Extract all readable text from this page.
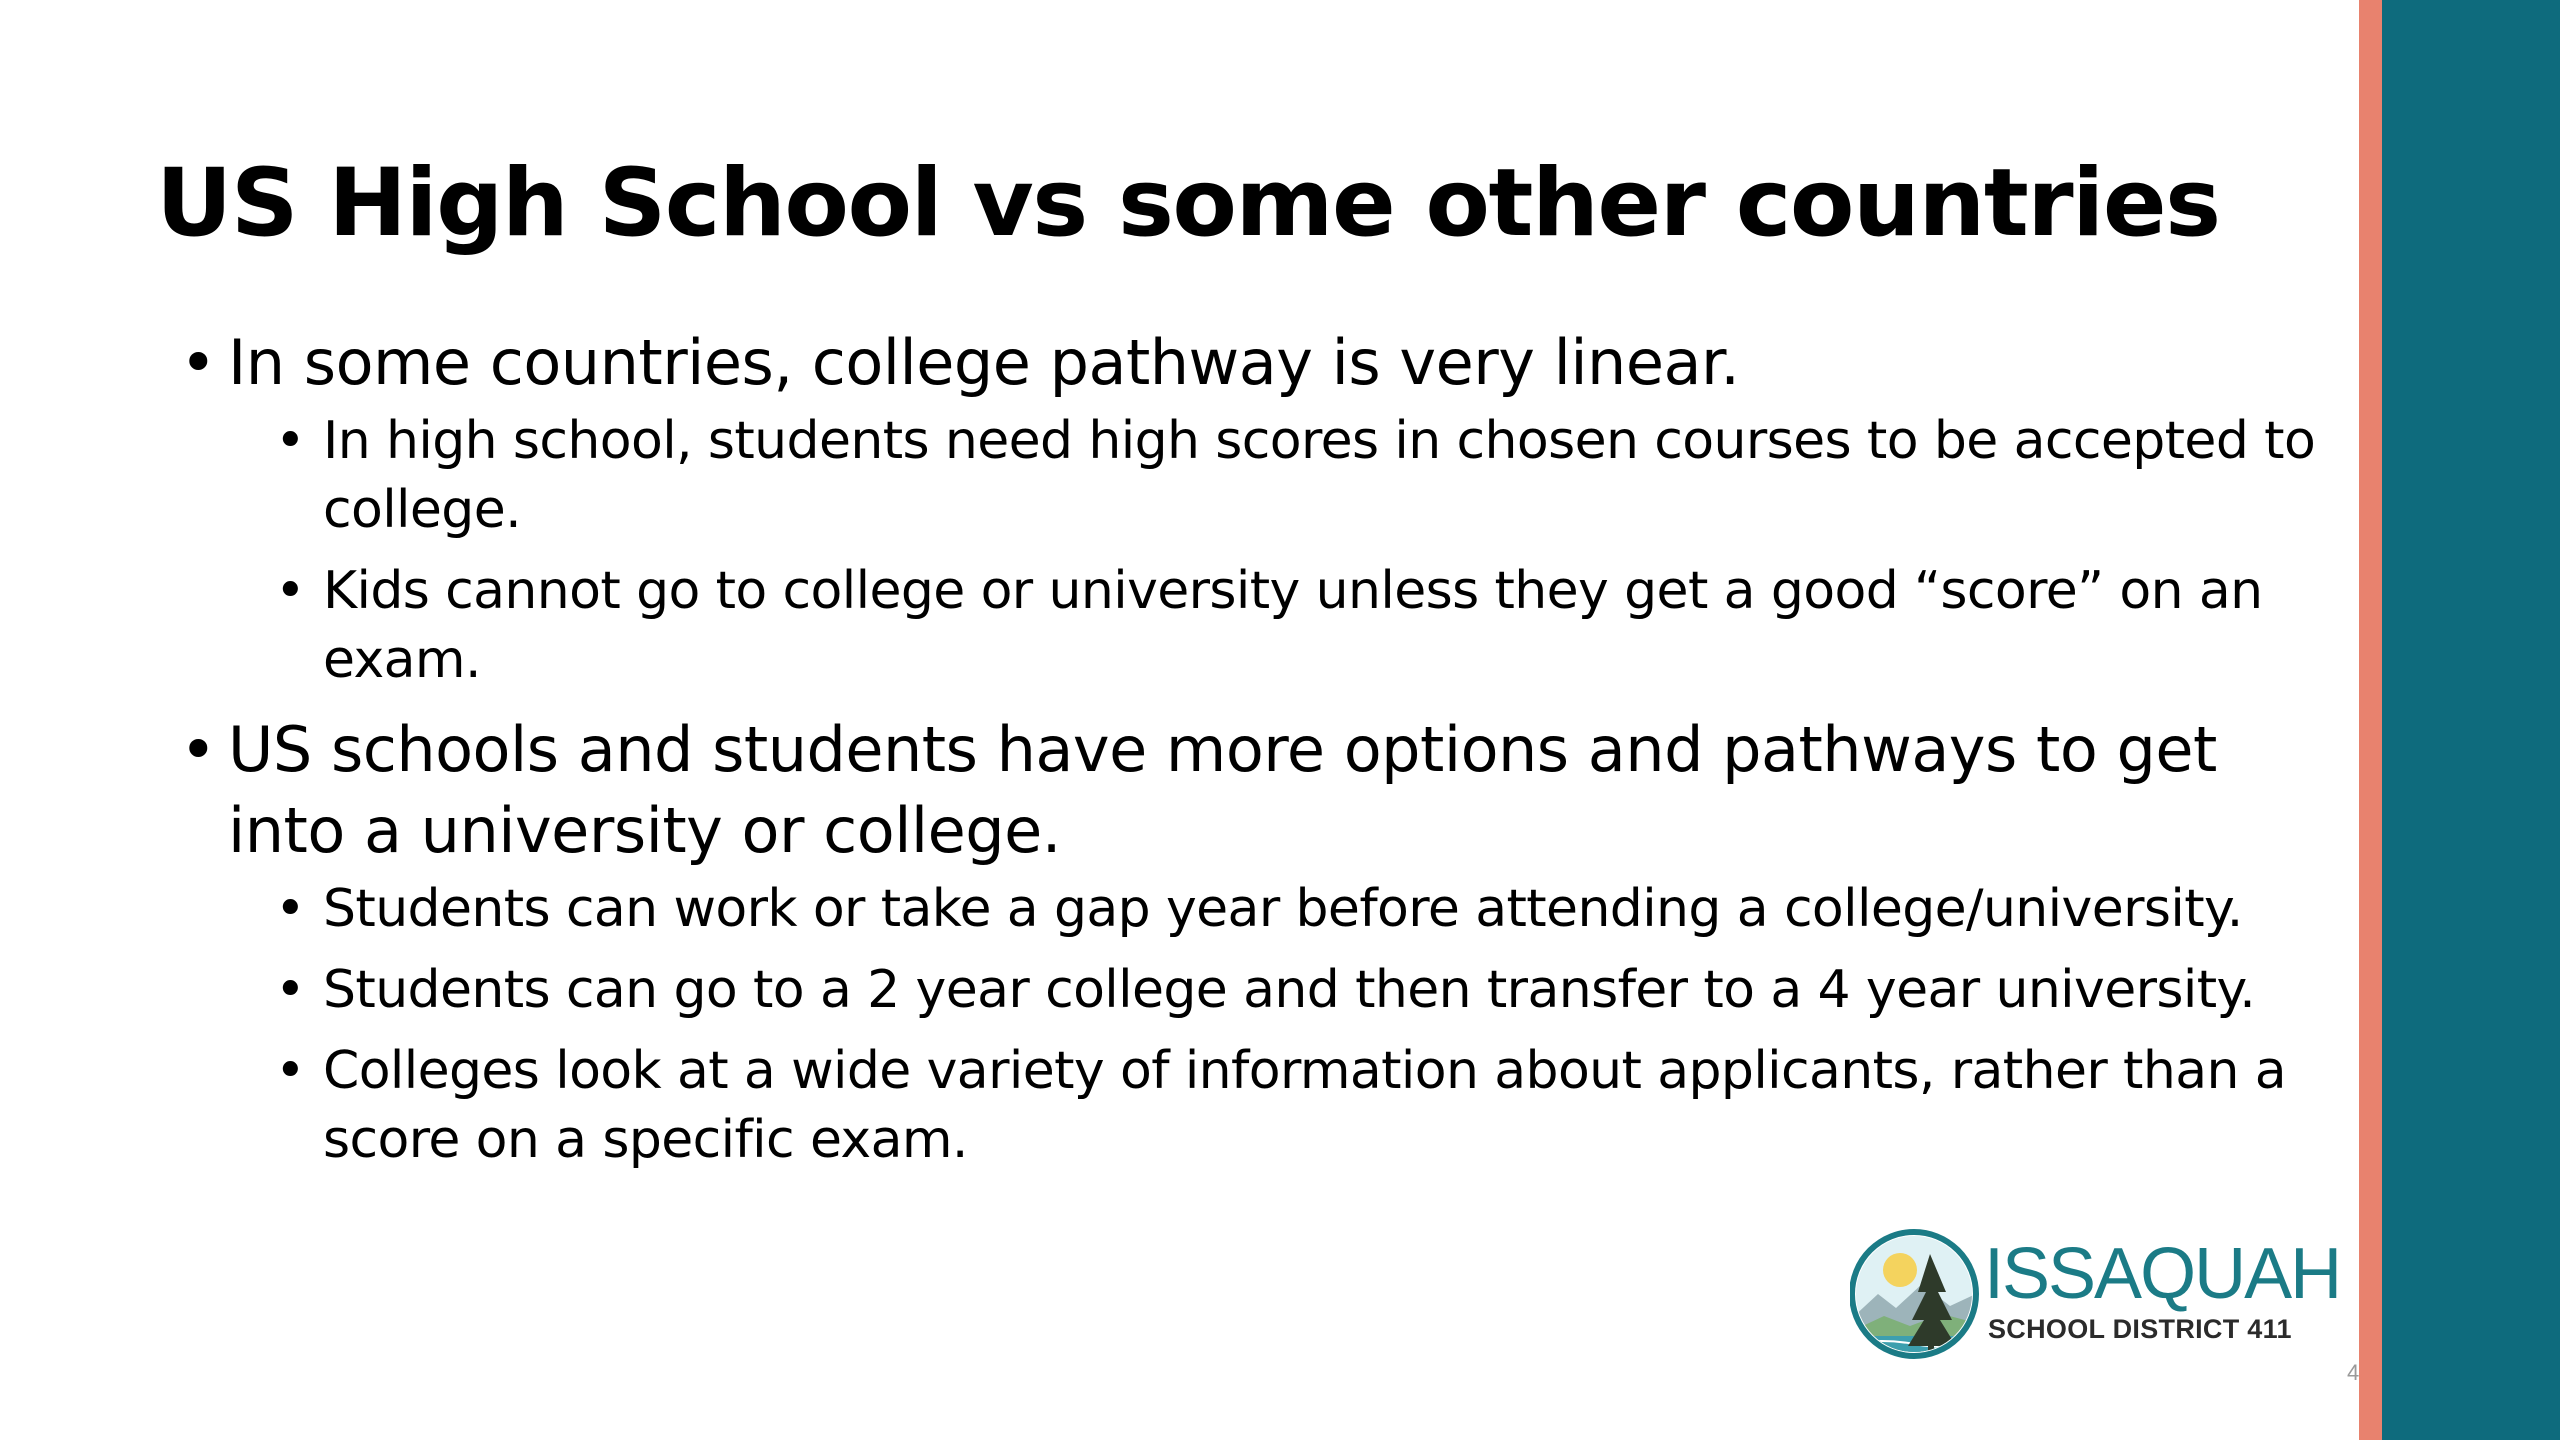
US High School vs some other countries
• In some countries, college pathway is very linear.
• In high school, students need high scores in chosen courses to be accepted to college.
• Kids cannot go to college or university unless they get a good “score” on an exam.
• US schools and students have more options and pathways to get into a university or college.
• Students can work or take a gap year before attending a college/university.
• Students can go to a 2 year college and then transfer to a 4 year university.
• Colleges look at a wide variety of information about applicants, rather than a score on a specific exam.
ISSAQUAH
SCHOOL DISTRICT 411
4
